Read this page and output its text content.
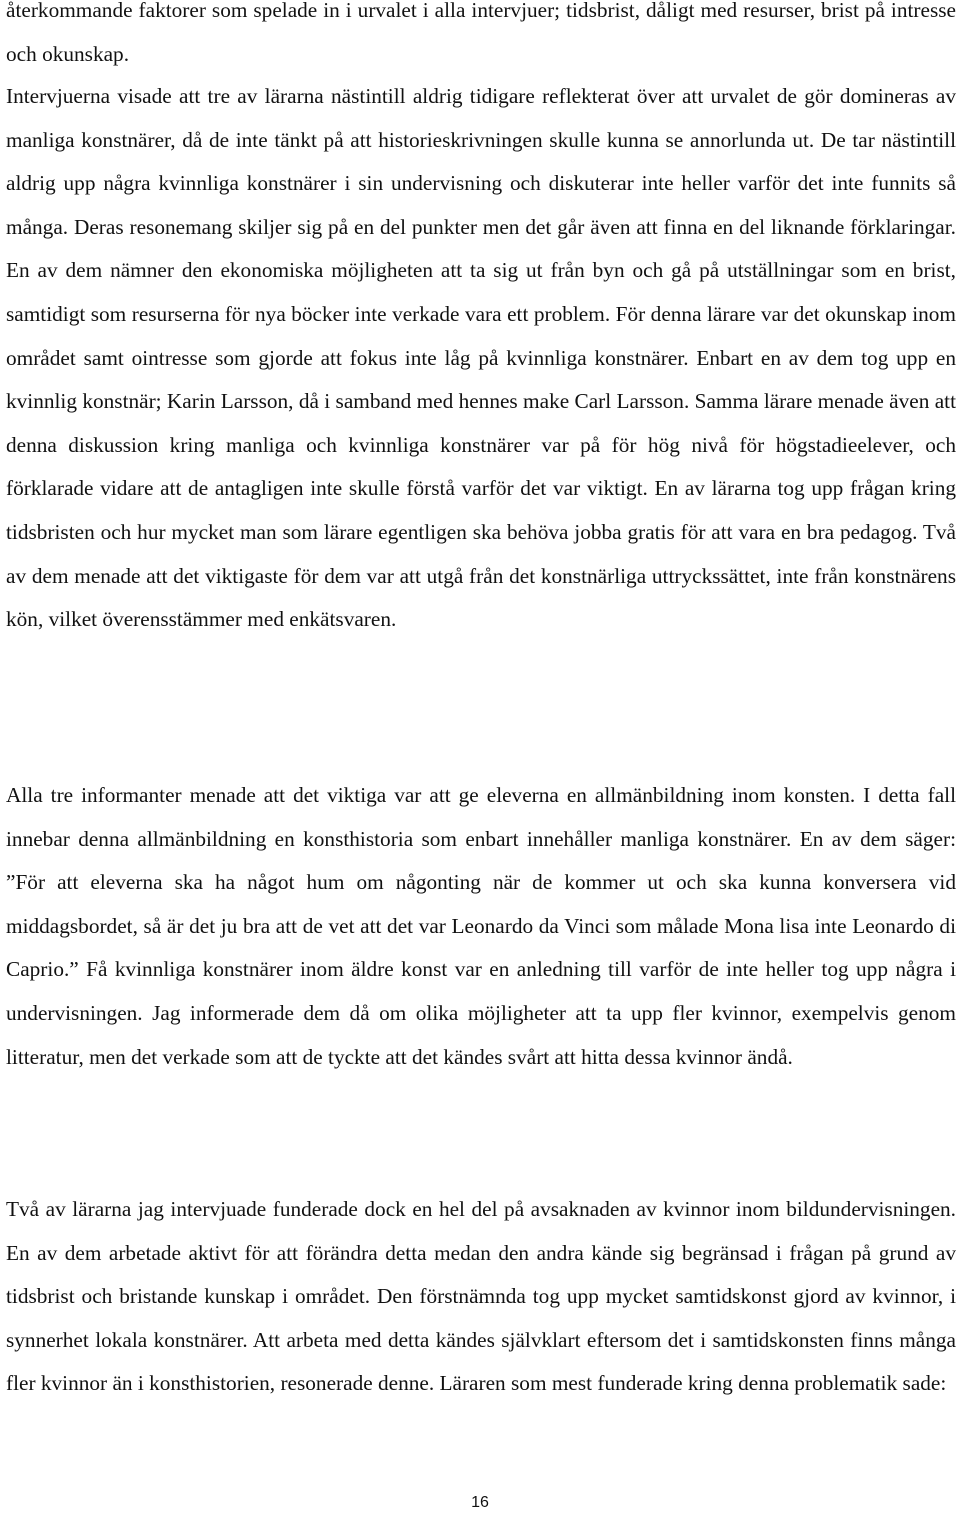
återkommande faktorer som spelade in i urvalet i alla intervjuer; tidsbrist, dåligt med resurser, brist på intresse och okunskap.

Intervjuerna visade att tre av lärarna nästintill aldrig tidigare reflekterat över att urvalet de gör domineras av manliga konstnärer, då de inte tänkt på att historieskrivningen skulle kunna se annorlunda ut. De tar nästintill aldrig upp några kvinnliga konstnärer i sin undervisning och diskuterar inte heller varför det inte funnits så många. Deras resonemang skiljer sig på en del punkter men det går även att finna en del liknande förklaringar. En av dem nämner den ekonomiska möjligheten att ta sig ut från byn och gå på utställningar som en brist, samtidigt som resurserna för nya böcker inte verkade vara ett problem. För denna lärare var det okunskap inom området samt ointresse som gjorde att fokus inte låg på kvinnliga konstnärer. Enbart en av dem tog upp en kvinnlig konstnär; Karin Larsson, då i samband med hennes make Carl Larsson. Samma lärare menade även att denna diskussion kring manliga och kvinnliga konstnärer var på för hög nivå för högstadieelever, och förklarade vidare att de antagligen inte skulle förstå varför det var viktigt. En av lärarna tog upp frågan kring tidsbristen och hur mycket man som lärare egentligen ska behöva jobba gratis för att vara en bra pedagog. Två av dem menade att det viktigaste för dem var att utgå från det konstnärliga uttryckssättet, inte från konstnärens kön, vilket överensstämmer med enkätsvaren.

Alla tre informanter menade att det viktiga var att ge eleverna en allmänbildning inom konsten. I detta fall innebar denna allmänbildning en konsthistoria som enbart innehåller manliga konstnärer. En av dem säger: ”För att eleverna ska ha något hum om någonting när de kommer ut och ska kunna konversera vid middagsbordet, så är det ju bra att de vet att det var Leonardo da Vinci som målade Mona lisa inte Leonardo di Caprio.” Få kvinnliga konstnärer inom äldre konst var en anledning till varför de inte heller tog upp några i undervisningen. Jag informerade dem då om olika möjligheter att ta upp fler kvinnor, exempelvis genom litteratur, men det verkade som att de tyckte att det kändes svårt att hitta dessa kvinnor ändå.

Två av lärarna jag intervjuade funderade dock en hel del på avsaknaden av kvinnor inom bildundervisningen. En av dem arbetade aktivt för att förändra detta medan den andra kände sig begränsad i frågan på grund av tidsbrist och bristande kunskap i området. Den förstnämnda tog upp mycket samtidskonst gjord av kvinnor, i synnerhet lokala konstnärer. Att arbeta med detta kändes självklart eftersom det i samtidskonsten finns många fler kvinnor än i konsthistorien, resonerade denne. Läraren som mest funderade kring denna problematik sade:

16
